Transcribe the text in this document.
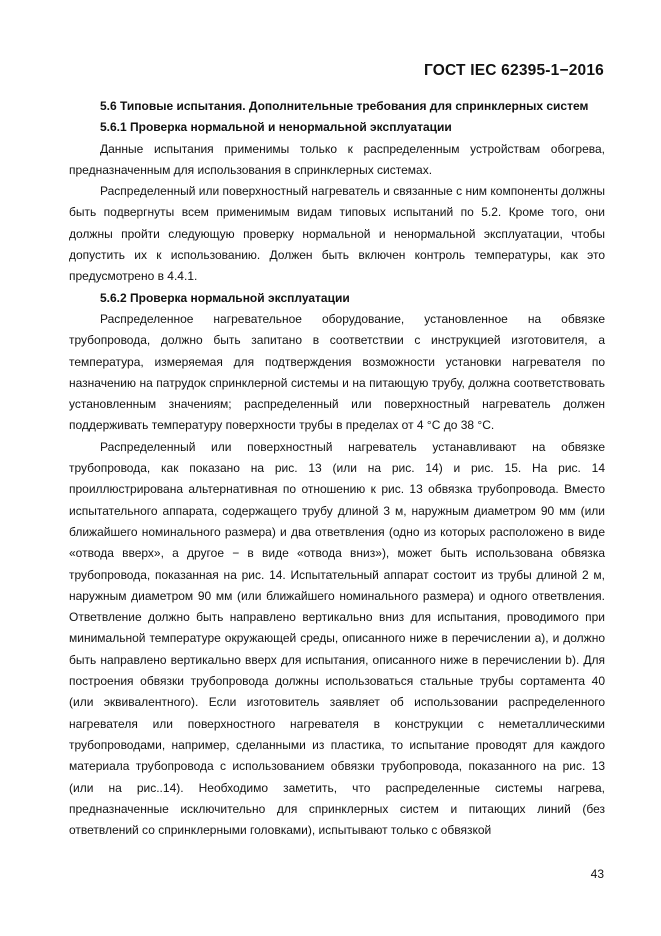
ГОСТ IEC 62395-1−2016

5.6 Типовые испытания. Дополнительные требования для спринклерных систем

5.6.1 Проверка нормальной и ненормальной эксплуатации

Данные испытания применимы только к распределенным устройствам обогрева, предназначенным для использования в спринклерных системах.

Распределенный или поверхностный нагреватель и связанные с ним компоненты должны быть подвергнуты всем применимым видам типовых испытаний по 5.2. Кроме того, они должны пройти следующую проверку нормальной и ненормальной эксплуатации, чтобы допустить их к использованию. Должен быть включен контроль температуры, как это предусмотрено в 4.4.1.

5.6.2 Проверка нормальной эксплуатации

Распределенное нагревательное оборудование, установленное на обвязке трубопровода, должно быть запитано в соответствии с инструкцией изготовителя, а температура, измеряемая для подтверждения возможности установки нагревателя по назначению на патрудок спринклерной системы и на питающую трубу, должна соответствовать установленным значениям; распределенный или поверхностный нагреватель должен поддерживать температуру поверхности трубы в пределах от 4 °С до 38 °С.

Распределенный или поверхностный нагреватель устанавливают на обвязке трубопровода, как показано на рис. 13 (или на рис. 14) и рис. 15. На рис. 14 проиллюстрирована альтернативная по отношению к рис. 13 обвязка трубопровода. Вместо испытательного аппарата, содержащего трубу длиной 3 м, наружным диаметром 90 мм (или ближайшего номинального размера) и два ответвления (одно из которых расположено в виде «отвода вверх», а другое − в виде «отвода вниз»), может быть использована обвязка трубопровода, показанная на рис. 14. Испытательный аппарат состоит из трубы длиной 2 м, наружным диаметром 90 мм (или ближайшего номинального размера) и одного ответвления. Ответвление должно быть направлено вертикально вниз для испытания, проводимого при минимальной температуре окружающей среды, описанного ниже в перечислении a), и должно быть направлено вертикально вверх для испытания, описанного ниже в перечислении b). Для построения обвязки трубопровода должны использоваться стальные трубы сортамента 40 (или эквивалентного). Если изготовитель заявляет об использовании распределенного нагревателя или поверхностного нагревателя в конструкции с неметаллическими трубопроводами, например, сделанными из пластика, то испытание проводят для каждого материала трубопровода с использованием обвязки трубопровода, показанного на рис. 13 (или на рис..14). Необходимо заметить, что распределенные системы нагрева, предназначенные исключительно для спринклерных систем и питающих линий (без ответвлений со спринклерными головками), испытывают только с обвязкой

43
